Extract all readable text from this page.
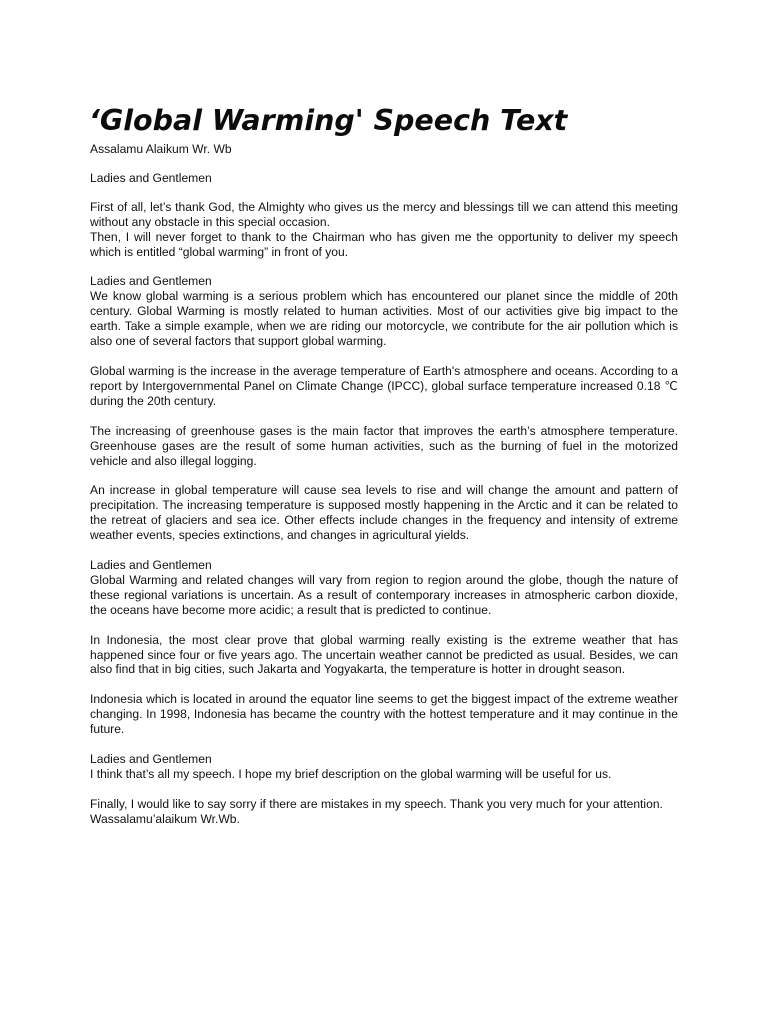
‘Global Warming' Speech Text

Assalamu Alaikum Wr. Wb

Ladies and Gentlemen

First of all, let’s thank God, the Almighty who gives us the mercy and blessings till we can attend this meeting without any obstacle in this special occasion.

Then, I will never forget to thank to the Chairman who has given me the opportunity to deliver my speech which is entitled “global warming” in front of you.

Ladies and Gentlemen

We know global warming is a serious problem which has encountered our planet since the middle of 20th century. Global Warming is mostly related to human activities. Most of our activities give big impact to the earth. Take a simple example, when we are riding our motorcycle, we contribute for the air pollution which is also one of several factors that support global warming.

Global warming is the increase in the average temperature of Earth's atmosphere and oceans. According to a report by Intergovernmental Panel on Climate Change (IPCC), global surface temperature increased 0.18 ℃ during the 20th century.

The increasing of greenhouse gases is the main factor that improves the earth’s atmosphere temperature. Greenhouse gases are the result of some human activities, such as the burning of fuel in the motorized vehicle and also illegal logging.

An increase in global temperature will cause sea levels to rise and will change the amount and pattern of precipitation. The increasing temperature is supposed mostly happening in the Arctic and it can be related to the retreat of glaciers and sea ice. Other effects include changes in the frequency and intensity of extreme weather events, species extinctions, and changes in agricultural yields.

Ladies and Gentlemen

Global Warming and related changes will vary from region to region around the globe, though the nature of these regional variations is uncertain. As a result of contemporary increases in atmospheric carbon dioxide, the oceans have become more acidic; a result that is predicted to continue.

In Indonesia, the most clear prove that global warming really existing is the extreme weather that has happened since four or five years ago. The uncertain weather cannot be predicted as usual. Besides, we can also find that in big cities, such Jakarta and Yogyakarta, the temperature is hotter in drought season.

Indonesia which is located in around the equator line seems to get the biggest impact of the extreme weather changing. In 1998, Indonesia has became the country with the hottest temperature and it may continue in the future.

Ladies and Gentlemen

I think that’s all my speech. I hope my brief description on the global warming will be useful for us.

Finally, I would like to say sorry if there are mistakes in my speech. Thank you very much for your attention.

Wassalamu’alaikum Wr.Wb.
